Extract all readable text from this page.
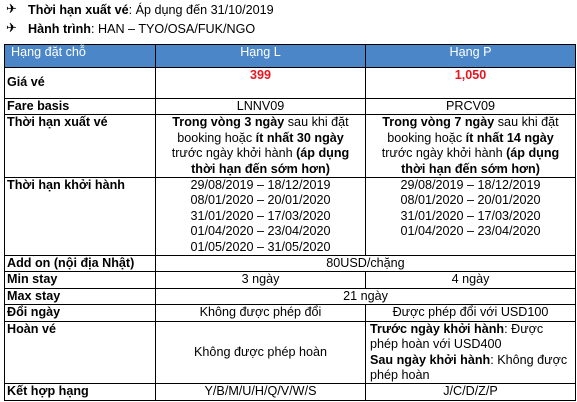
✈ Thời hạn xuất vé : Áp dụng đến 31/10/2019
✈ Hành trình : HAN – TYO/OSA/FUK/NGO
Hạng đặt chỗ	Hạng L	Hạng P
Giá vé	399	1,050
Fare basis	LNNV09	PRCV09
Thời hạn xuất vé	Trong vòng 3 ngày sau khi đặt
booking hoặc ít nhất 30 ngày
trước ngày khởi hành (áp dụng
thời hạn đến sớm hơn)	Trong vòng 7 ngày sau khi đặt
booking hoặc ít nhất 14 ngày
trước ngày khởi hành (áp dụng
thời hạn đến sớm hơn)

Thời hạn khởi hành	29/08/2019 – 18/12/2019
08/01/2020 – 20/01/2020
31/01/2020 – 17/03/2020
01/04/2020 – 23/04/2020
01/05/2020 – 31/05/2020	29/08/2019 – 18/12/2019
08/01/2020 – 20/01/2020
31/01/2020 – 17/03/2020
01/04/2020 – 23/04/2020

Add on (nội địa Nhật)	80USD/chặng	
Min stay	3 ngày	4 ngày
Max stay	21 ngày	
Đổi ngày	Không được phép đổi	Được phép đổi với USD100
Hoàn vé	Không được phép hoàn	Trước ngày khởi hành: Được
phép hoàn với USD400
Sau ngày khởi hành: Không được
phép hoàn

Kết hợp hạng	Y/B/M/U/H/Q/V/W/S	J/C/D/Z/P
